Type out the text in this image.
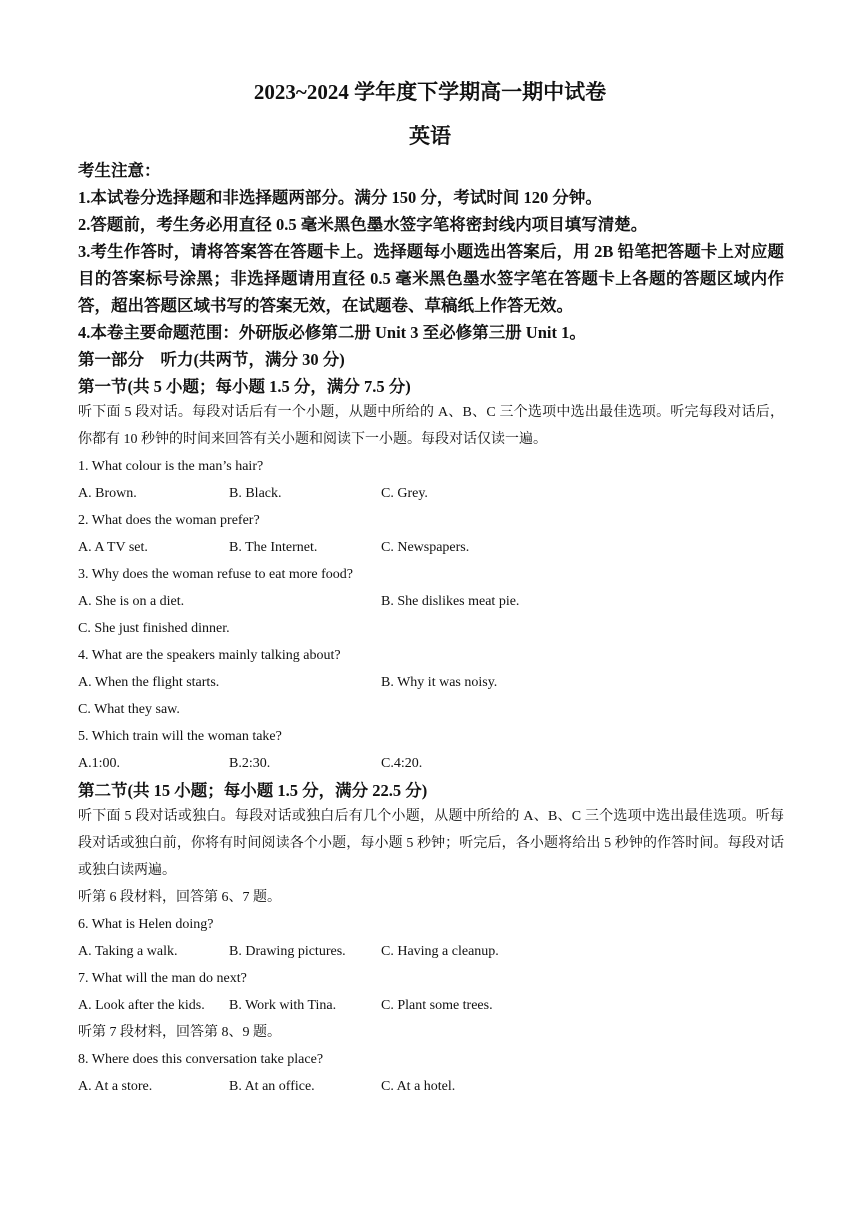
2023~2024 学年度下学期高一期中试卷
英语

考生注意：

1.本试卷分选择题和非选择题两部分。满分 150 分，考试时间 120 分钟。

2.答题前，考生务必用直径 0.5 毫米黑色墨水签字笔将密封线内项目填写清楚。

3.考生作答时，请将答案答在答题卡上。选择题每小题选出答案后，用 2B 铅笔把答题卡上对应题目的答案标号涂黑；非选择题请用直径 0.5 毫米黑色墨水签字笔在答题卡上各题的答题区域内作答，超出答题区域书写的答案无效，在试题卷、草稿纸上作答无效。

4.本卷主要命题范围：外研版必修第二册 Unit 3 至必修第三册 Unit 1。

第一部分　听力(共两节，满分 30 分)

第一节(共 5 小题；每小题 1.5 分，满分 7.5 分)

听下面 5 段对话。每段对话后有一个小题，从题中所给的 A、B、C 三个选项中选出最佳选项。听完每段对话后，你都有 10 秒钟的时间来回答有关小题和阅读下一小题。每段对话仅读一遍。

1. What colour is the man’s hair?

A. Brown.	B. Black.	C. Grey.

2. What does the woman prefer?

A. A TV set.	B. The Internet.	C. Newspapers.

3. Why does the woman refuse to eat more food?

A. She is on a diet.	B. She dislikes meat pie.
C. She just finished dinner.

4. What are the speakers mainly talking about?

A. When the flight starts.	B. Why it was noisy.
C. What they saw.

5. Which train will the woman take?

A.1:00.	B.2:30.	C.4:20.

第二节(共 15 小题；每小题 1.5 分，满分 22.5 分)

听下面 5 段对话或独白。每段对话或独白后有几个小题，从题中所给的 A、B、C 三个选项中选出最佳选项。听每段对话或独白前，你将有时间阅读各个小题，每小题 5 秒钟；听完后，各小题将给出 5 秒钟的作答时间。每段对话或独白读两遍。

听第 6 段材料，回答第 6、7 题。

6. What is Helen doing?

A. Taking a walk.	B. Drawing pictures.	C. Having a cleanup.

7. What will the man do next?

A. Look after the kids. B. Work with Tina.	C. Plant some trees.

听第 7 段材料，回答第 8、9 题。

8. Where does this conversation take place?

A. At a store.	B. At an office.	C. At a hotel.
